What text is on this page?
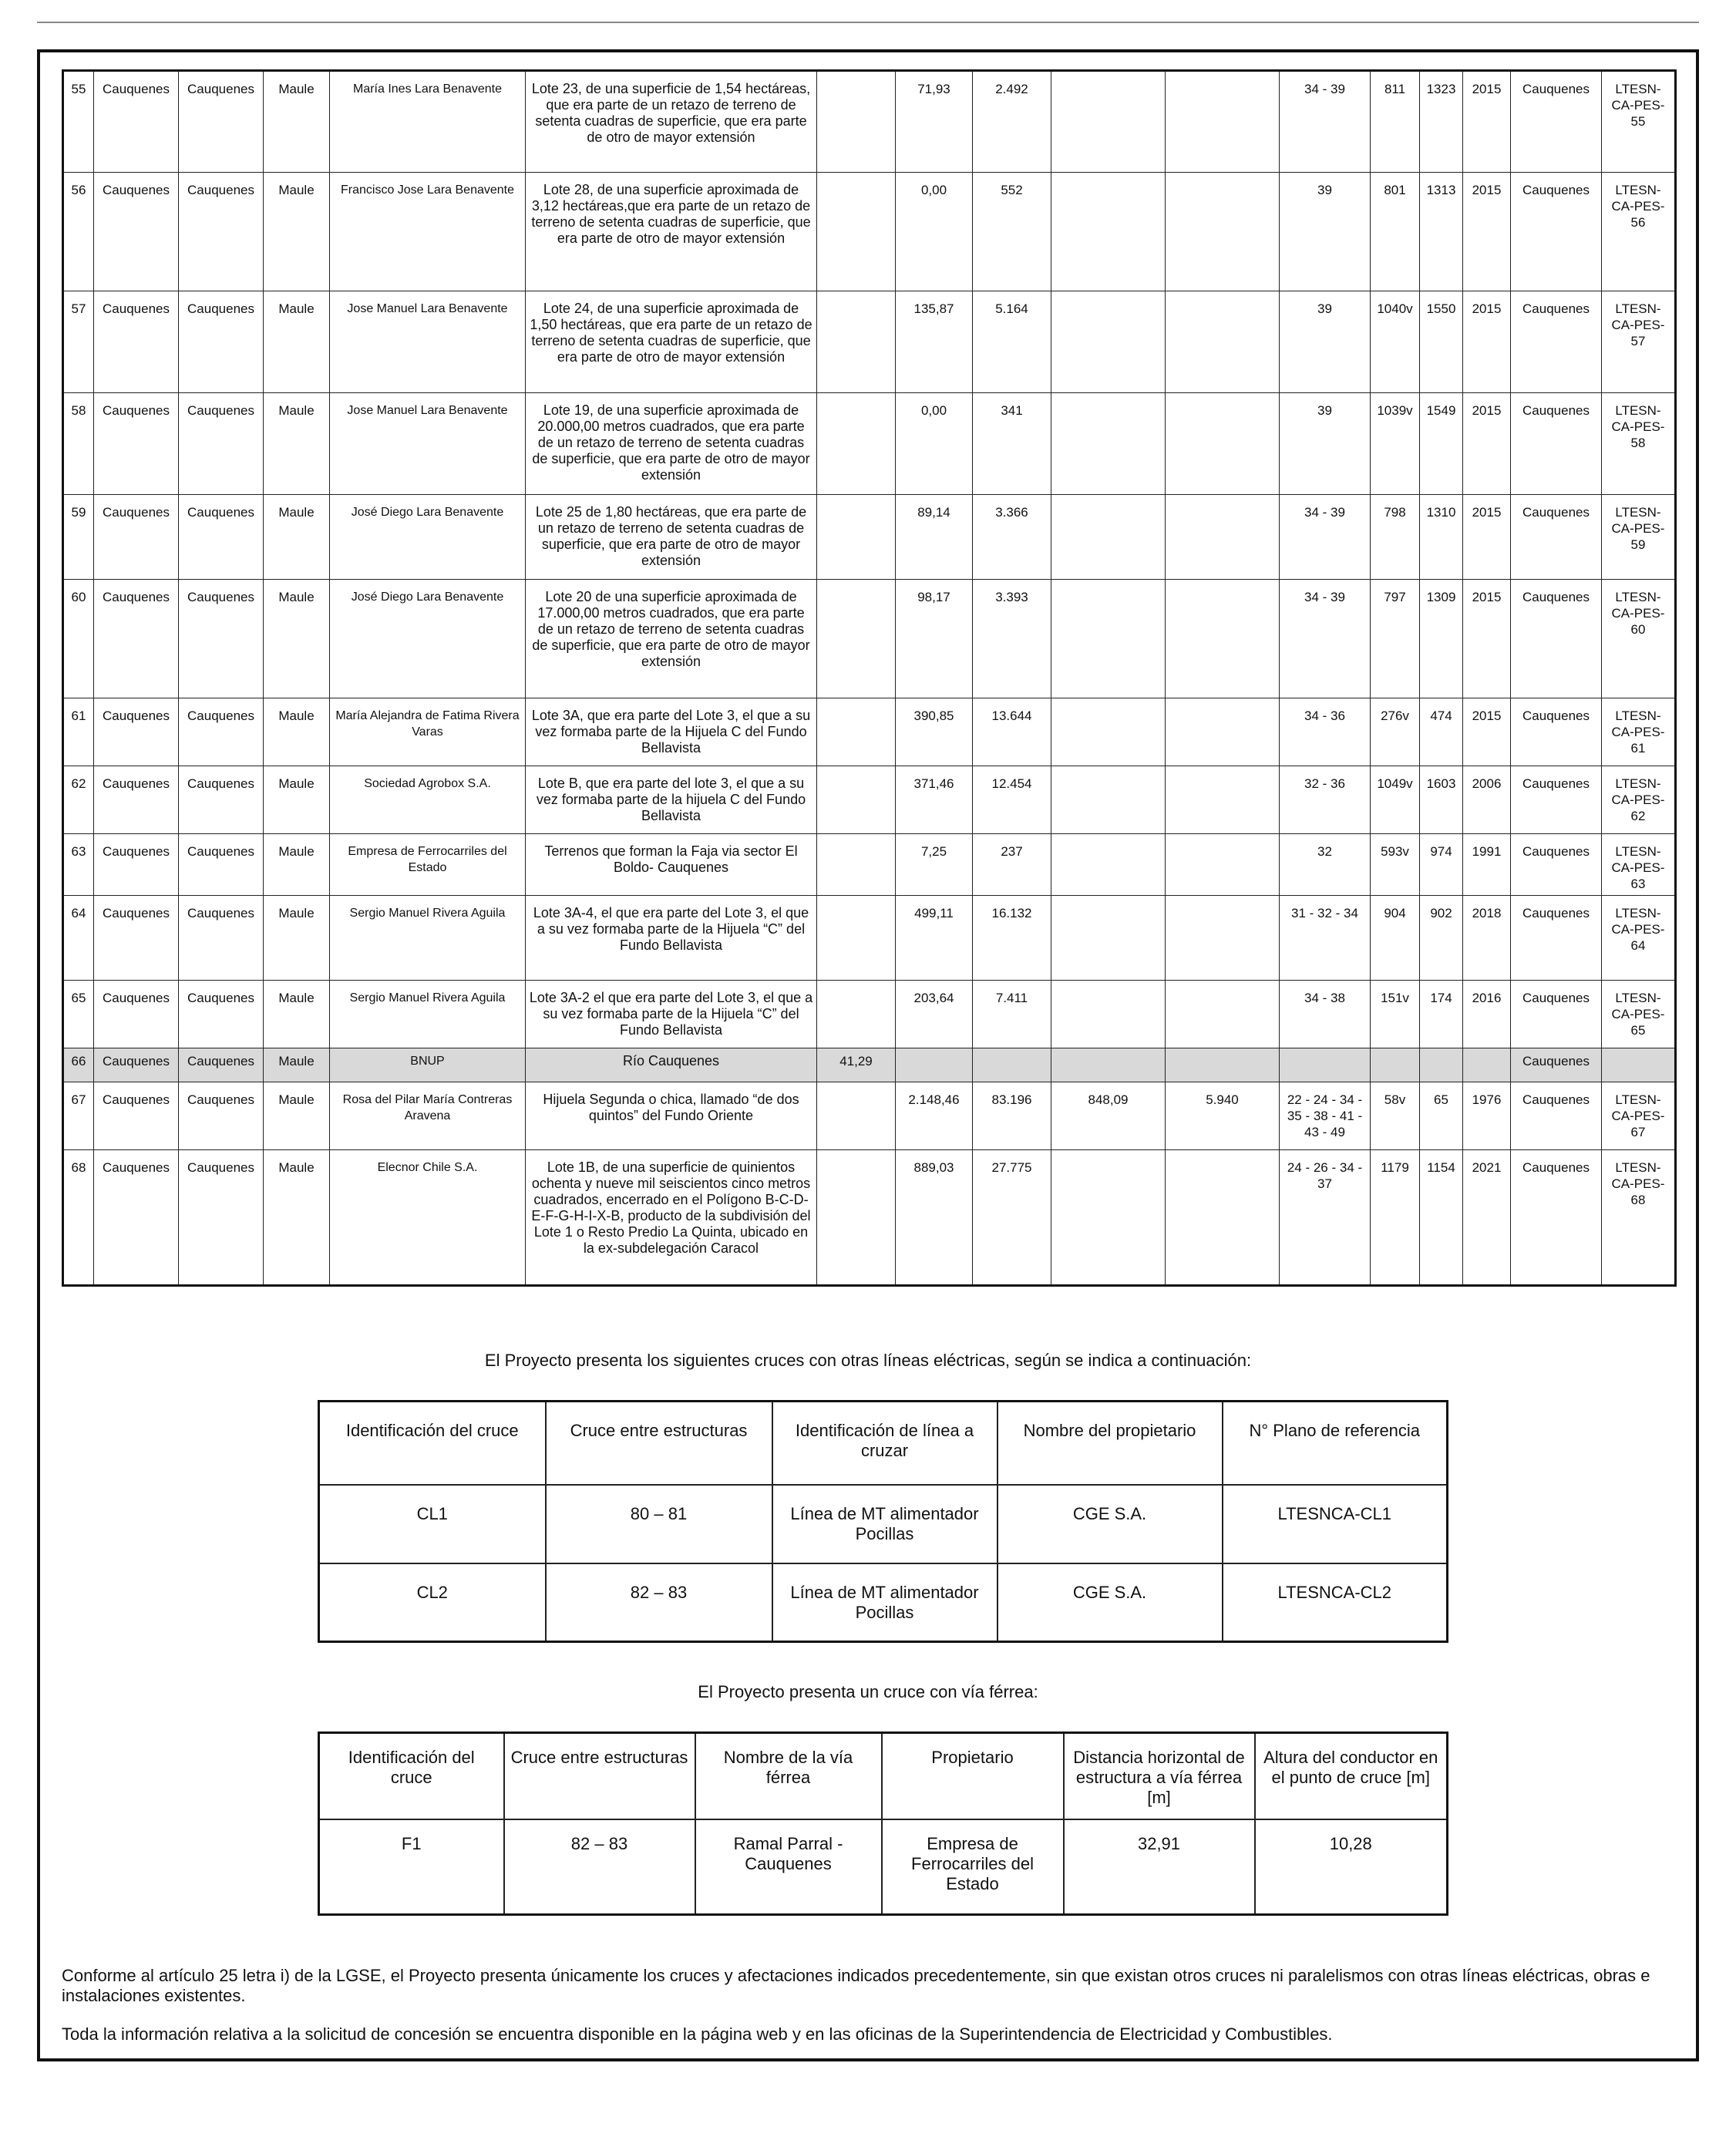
55	Cauquenes	Cauquenes	Maule	María Ines Lara Benavente	Lote 23, de una superficie de 1,54 hectáreas, que era parte de un retazo de terreno de setenta cuadras de superficie, que era parte de otro de mayor extensión		71,93	2.492			34 - 39	811	1323	2015	Cauquenes	LTESN-CA-PES-55
56	Cauquenes	Cauquenes	Maule	Francisco Jose Lara Benavente	Lote 28, de una superficie aproximada de 3,12 hectáreas,que era parte de un retazo de terreno de setenta cuadras de superficie, que era parte de otro de mayor extensión		0,00	552			39	801	1313	2015	Cauquenes	LTESN-CA-PES-56
57	Cauquenes	Cauquenes	Maule	Jose Manuel Lara Benavente	Lote 24, de una superficie aproximada de 1,50 hectáreas, que era parte de un retazo de terreno de setenta cuadras de superficie, que era parte de otro de mayor extensión		135,87	5.164			39	1040v	1550	2015	Cauquenes	LTESN-CA-PES-57
58	Cauquenes	Cauquenes	Maule	Jose Manuel Lara Benavente	Lote 19, de una superficie aproximada de 20.000,00 metros cuadrados, que era parte de un retazo de terreno de setenta cuadras de superficie, que era parte de otro de mayor extensión		0,00	341			39	1039v	1549	2015	Cauquenes	LTESN-CA-PES-58
59	Cauquenes	Cauquenes	Maule	José Diego Lara Benavente	Lote 25 de 1,80 hectáreas, que era parte de un retazo de terreno de setenta cuadras de superficie, que era parte de otro de mayor extensión		89,14	3.366			34 - 39	798	1310	2015	Cauquenes	LTESN-CA-PES-59
60	Cauquenes	Cauquenes	Maule	José Diego Lara Benavente	Lote 20 de una superficie aproximada de 17.000,00 metros cuadrados, que era parte de un retazo de terreno de setenta cuadras de superficie, que era parte de otro de mayor extensión		98,17	3.393			34 - 39	797	1309	2015	Cauquenes	LTESN-CA-PES-60
61	Cauquenes	Cauquenes	Maule	María Alejandra de Fatima Rivera Varas	Lote 3A, que era parte del Lote 3, el que a su vez formaba parte de la Hijuela C del Fundo Bellavista		390,85	13.644			34 - 36	276v	474	2015	Cauquenes	LTESN-CA-PES-61
62	Cauquenes	Cauquenes	Maule	Sociedad Agrobox S.A.	Lote B, que era parte del lote 3, el que a su vez formaba parte de la hijuela C del Fundo Bellavista		371,46	12.454			32 - 36	1049v	1603	2006	Cauquenes	LTESN-CA-PES-62
63	Cauquenes	Cauquenes	Maule	Empresa de Ferrocarriles del Estado	Terrenos que forman la Faja via sector El Boldo- Cauquenes		7,25	237			32	593v	974	1991	Cauquenes	LTESN-CA-PES-63
64	Cauquenes	Cauquenes	Maule	Sergio Manuel Rivera Aguila	Lote 3A-4, el que era parte del Lote 3, el que a su vez formaba parte de la Hijuela “C” del Fundo Bellavista		499,11	16.132			31 - 32 - 34	904	902	2018	Cauquenes	LTESN-CA-PES-64
65	Cauquenes	Cauquenes	Maule	Sergio Manuel Rivera Aguila	Lote 3A-2 el que era parte del Lote 3, el que a su vez formaba parte de la Hijuela “C” del Fundo Bellavista		203,64	7.411			34 - 38	151v	174	2016	Cauquenes	LTESN-CA-PES-65
66	Cauquenes	Cauquenes	Maule	BNUP	Río Cauquenes	41,29									Cauquenes	
67	Cauquenes	Cauquenes	Maule	Rosa del Pilar María Contreras Aravena	Hijuela Segunda o chica, llamado “de dos quintos” del Fundo Oriente		2.148,46	83.196	848,09	5.940	22 - 24 - 34 - 35 - 38 - 41 - 43 - 49	58v	65	1976	Cauquenes	LTESN-CA-PES-67
68	Cauquenes	Cauquenes	Maule	Elecnor Chile S.A.	Lote 1B, de una superficie de quinientos ochenta y nueve mil seiscientos cinco metros cuadrados, encerrado en el Polígono B-C-D-E-F-G-H-I-X-B, producto de la subdivisión del Lote 1 o Resto Predio La Quinta, ubicado en la ex-subdelegación Caracol		889,03	27.775			24 - 26 - 34 - 37	1179	1154	2021	Cauquenes	LTESN-CA-PES-68
El Proyecto presenta los siguientes cruces con otras líneas eléctricas, según se indica a continuación:
Identificación del cruce	Cruce entre estructuras	Identificación de línea a cruzar	Nombre del propietario	N° Plano de referencia
CL1	80 – 81	Línea de MT alimentador Pocillas	CGE S.A.	LTESNCA-CL1
CL2	82 – 83	Línea de MT alimentador Pocillas	CGE S.A.	LTESNCA-CL2
El Proyecto presenta un cruce con vía férrea:
Identificación del cruce	Cruce entre estructuras	Nombre de la vía férrea	Propietario	Distancia horizontal de estructura a vía férrea [m]	Altura del conductor en el punto de cruce [m]
F1	82 – 83	Ramal Parral - Cauquenes	Empresa de Ferrocarriles del Estado	32,91	10,28
Conforme al artículo 25 letra i) de la LGSE, el Proyecto presenta únicamente los cruces y afectaciones indicados precedentemente, sin que existan otros cruces ni paralelismos con otras líneas eléctricas, obras e instalaciones existentes.
Toda la información relativa a la solicitud de concesión se encuentra disponible en la página web y en las oficinas de la Superintendencia de Electricidad y Combustibles.
